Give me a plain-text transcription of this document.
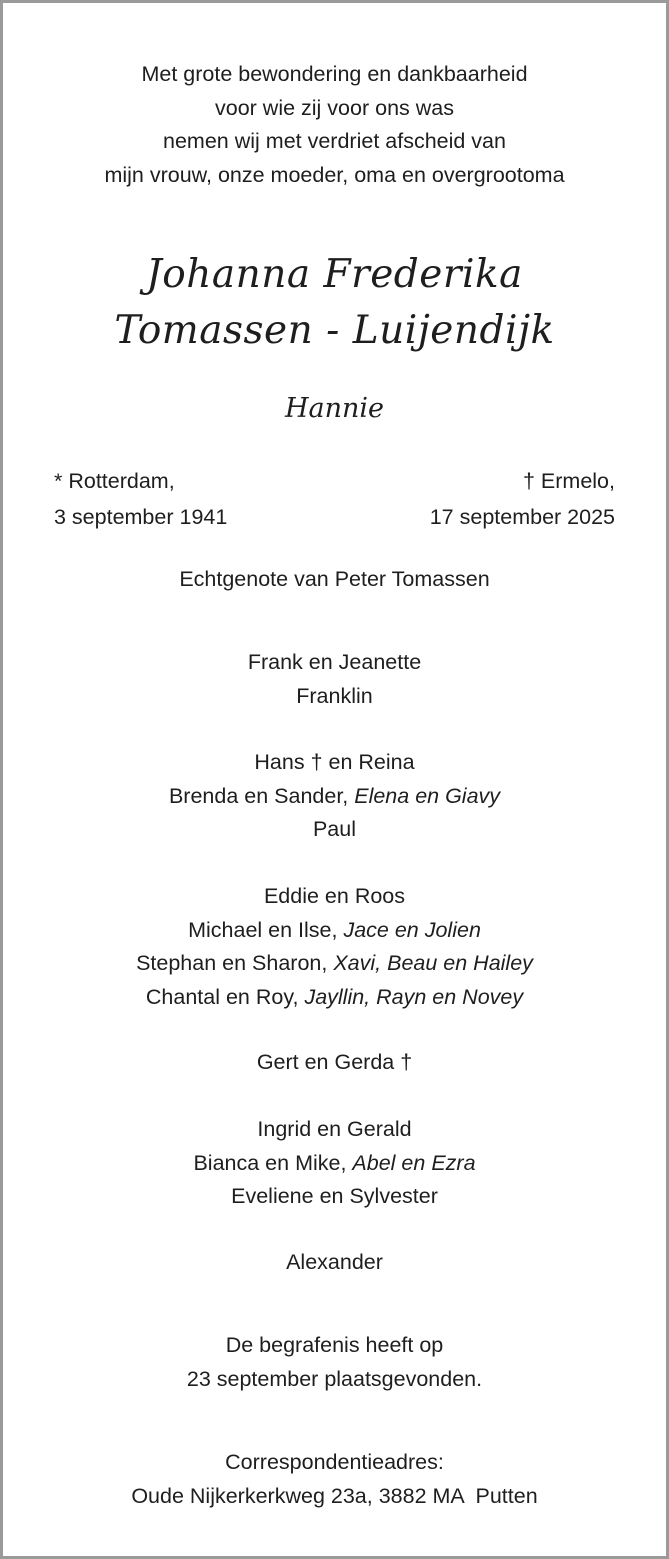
Met grote bewondering en dankbaarheid
voor wie zij voor ons was
nemen wij met verdriet afscheid van
mijn vrouw, onze moeder, oma en overgrootoma
Johanna Frederika
Tomassen - Luijendijk
Hannie
* Rotterdam,
3 september 1941
† Ermelo,
17 september 2025
Echtgenote van Peter Tomassen
Frank en Jeanette
Franklin
Hans † en Reina
Brenda en Sander, Elena en Giavy
Paul
Eddie en Roos
Michael en Ilse, Jace en Jolien
Stephan en Sharon, Xavi, Beau en Hailey
Chantal en Roy, Jayllin, Rayn en Novey
Gert en Gerda †
Ingrid en Gerald
Bianca en Mike, Abel en Ezra
Eveliene en Sylvester
Alexander
De begrafenis heeft op
23 september plaatsgevonden.
Correspondentieadres:
Oude Nijkerkerkweg 23a, 3882 MA  Putten
